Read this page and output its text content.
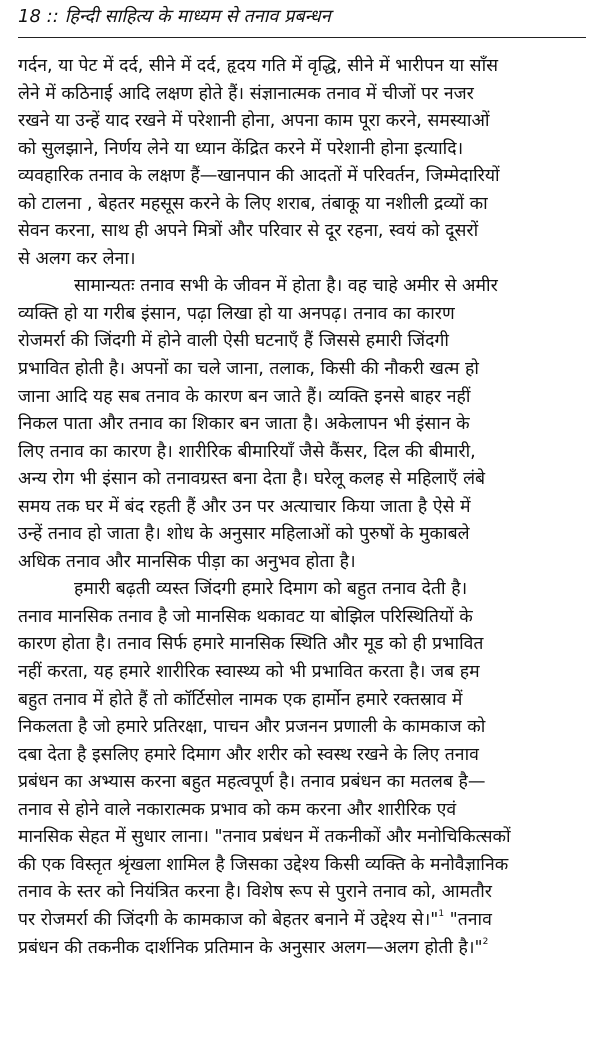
18 :: हिन्दी साहित्य के माध्यम से तनाव प्रबन्धन
गर्दन, या पेट में दर्द, सीने में दर्द, हृदय गति में वृद्धि, सीने में भारीपन या साँस
लेने में कठिनाई आदि लक्षण होते हैं। संज्ञानात्मक तनाव में चीजों पर नजर
रखने या उन्हें याद रखने में परेशानी होना, अपना काम पूरा करने, समस्याओं
को सुलझाने, निर्णय लेने या ध्यान केंद्रित करने में परेशानी होना इत्यादि।
व्यवहारिक तनाव के लक्षण हैं—खानपान की आदतों में परिवर्तन, जिम्मेदारियों
को टालना , बेहतर महसूस करने के लिए शराब, तंबाकू या नशीली द्रव्यों का
सेवन करना, साथ ही अपने मित्रों और परिवार से दूर रहना, स्वयं को दूसरों
से अलग कर लेना।
सामान्यतः तनाव सभी के जीवन में होता है। वह चाहे अमीर से अमीर
व्यक्ति हो या गरीब इंसान, पढ़ा लिखा हो या अनपढ़। तनाव का कारण
रोजमर्रा की जिंदगी में होने वाली ऐसी घटनाएँ हैं जिससे हमारी जिंदगी
प्रभावित होती है। अपनों का चले जाना, तलाक, किसी की नौकरी खत्म हो
जाना आदि यह सब तनाव के कारण बन जाते हैं। व्यक्ति इनसे बाहर नहीं
निकल पाता और तनाव का शिकार बन जाता है। अकेलापन भी इंसान के
लिए तनाव का कारण है। शारीरिक बीमारियाँ जैसे कैंसर, दिल की बीमारी,
अन्य रोग भी इंसान को तनावग्रस्त बना देता है। घरेलू कलह से महिलाएँ लंबे
समय तक घर में बंद रहती हैं और उन पर अत्याचार किया जाता है ऐसे में
उन्हें तनाव हो जाता है। शोध के अनुसार महिलाओं को पुरुषों के मुकाबले
अधिक तनाव और मानसिक पीड़ा का अनुभव होता है।
हमारी बढ़ती व्यस्त जिंदगी हमारे दिमाग को बहुत तनाव देती है।
तनाव मानसिक तनाव है जो मानसिक थकावट या बोझिल परिस्थितियों के
कारण होता है। तनाव सिर्फ हमारे मानसिक स्थिति और मूड को ही प्रभावित
नहीं करता, यह हमारे शारीरिक स्वास्थ्य को भी प्रभावित करता है। जब हम
बहुत तनाव में होते हैं तो कॉर्टिसोल नामक एक हार्मोन हमारे रक्तस्राव में
निकलता है जो हमारे प्रतिरक्षा, पाचन और प्रजनन प्रणाली के कामकाज को
दबा देता है इसलिए हमारे दिमाग और शरीर को स्वस्थ रखने के लिए तनाव
प्रबंधन का अभ्यास करना बहुत महत्वपूर्ण है। तनाव प्रबंधन का मतलब है—
तनाव से होने वाले नकारात्मक प्रभाव को कम करना और शारीरिक एवं
मानसिक सेहत में सुधार लाना। "तनाव प्रबंधन में तकनीकों और मनोचिकित्सकों
की एक विस्तृत श्रृंखला शामिल है जिसका उद्देश्य किसी व्यक्ति के मनोवैज्ञानिक
तनाव के स्तर को नियंत्रित करना है। विशेष रूप से पुराने तनाव को, आमतौर
पर रोजमर्रा की जिंदगी के कामकाज को बेहतर बनाने में उद्देश्य से।"$^1$ "तनाव
प्रबंधन की तकनीक दार्शनिक प्रतिमान के अनुसार अलग—अलग होती है।"$^2$
